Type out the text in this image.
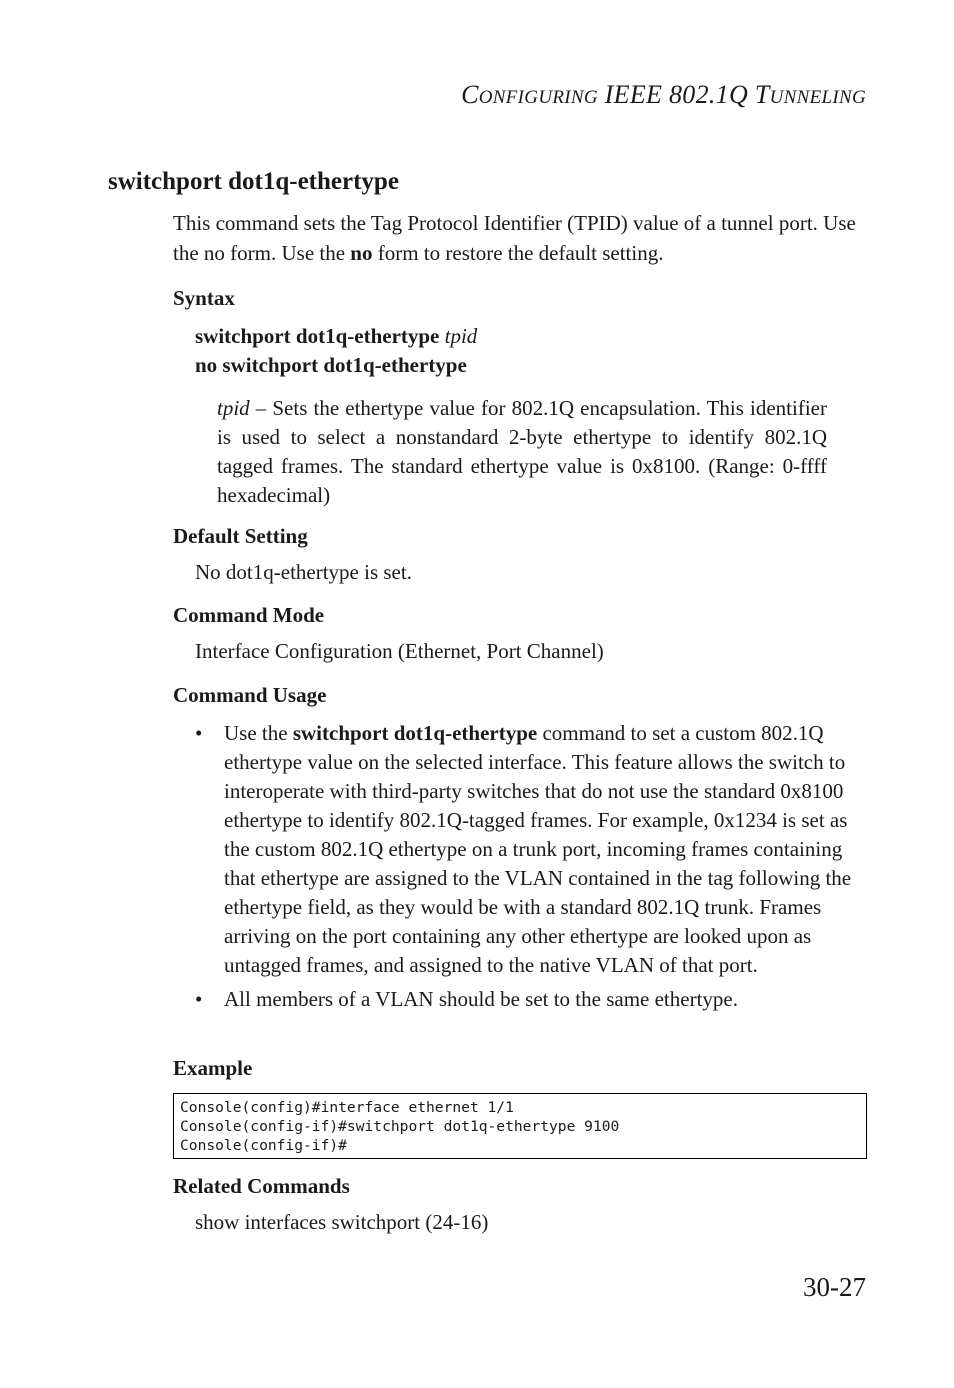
CONFIGURING IEEE 802.1Q TUNNELING
switchport dot1q-ethertype

This command sets the Tag Protocol Identifier (TPID) value of a tunnel port. Use the no form. Use the no form to restore the default setting.

Syntax
switchport dot1q-ethertype tpid
no switchport dot1q-ethertype

tpid – Sets the ethertype value for 802.1Q encapsulation. This identifier is used to select a nonstandard 2-byte ethertype to identify 802.1Q tagged frames. The standard ethertype value is 0x8100. (Range: 0-ffff hexadecimal)

Default Setting

No dot1q-ethertype is set.

Command Mode

Interface Configuration (Ethernet, Port Channel)

Command Usage
• Use the switchport dot1q-ethertype command to set a custom 802.1Q ethertype value on the selected interface. This feature allows the switch to interoperate with third-party switches that do not use the standard 0x8100 ethertype to identify 802.1Q-tagged frames. For example, 0x1234 is set as the custom 802.1Q ethertype on a trunk port, incoming frames containing that ethertype are assigned to the VLAN contained in the tag following the ethertype field, as they would be with a standard 802.1Q trunk. Frames arriving on the port containing any other ethertype are looked upon as untagged frames, and assigned to the native VLAN of that port.
• All members of a VLAN should be set to the same ethertype.
Example
Console(config)#interface ethernet 1/1
Console(config-if)#switchport dot1q-ethertype 9100
Console(config-if)#
Related Commands

show interfaces switchport (24-16)

30-27
